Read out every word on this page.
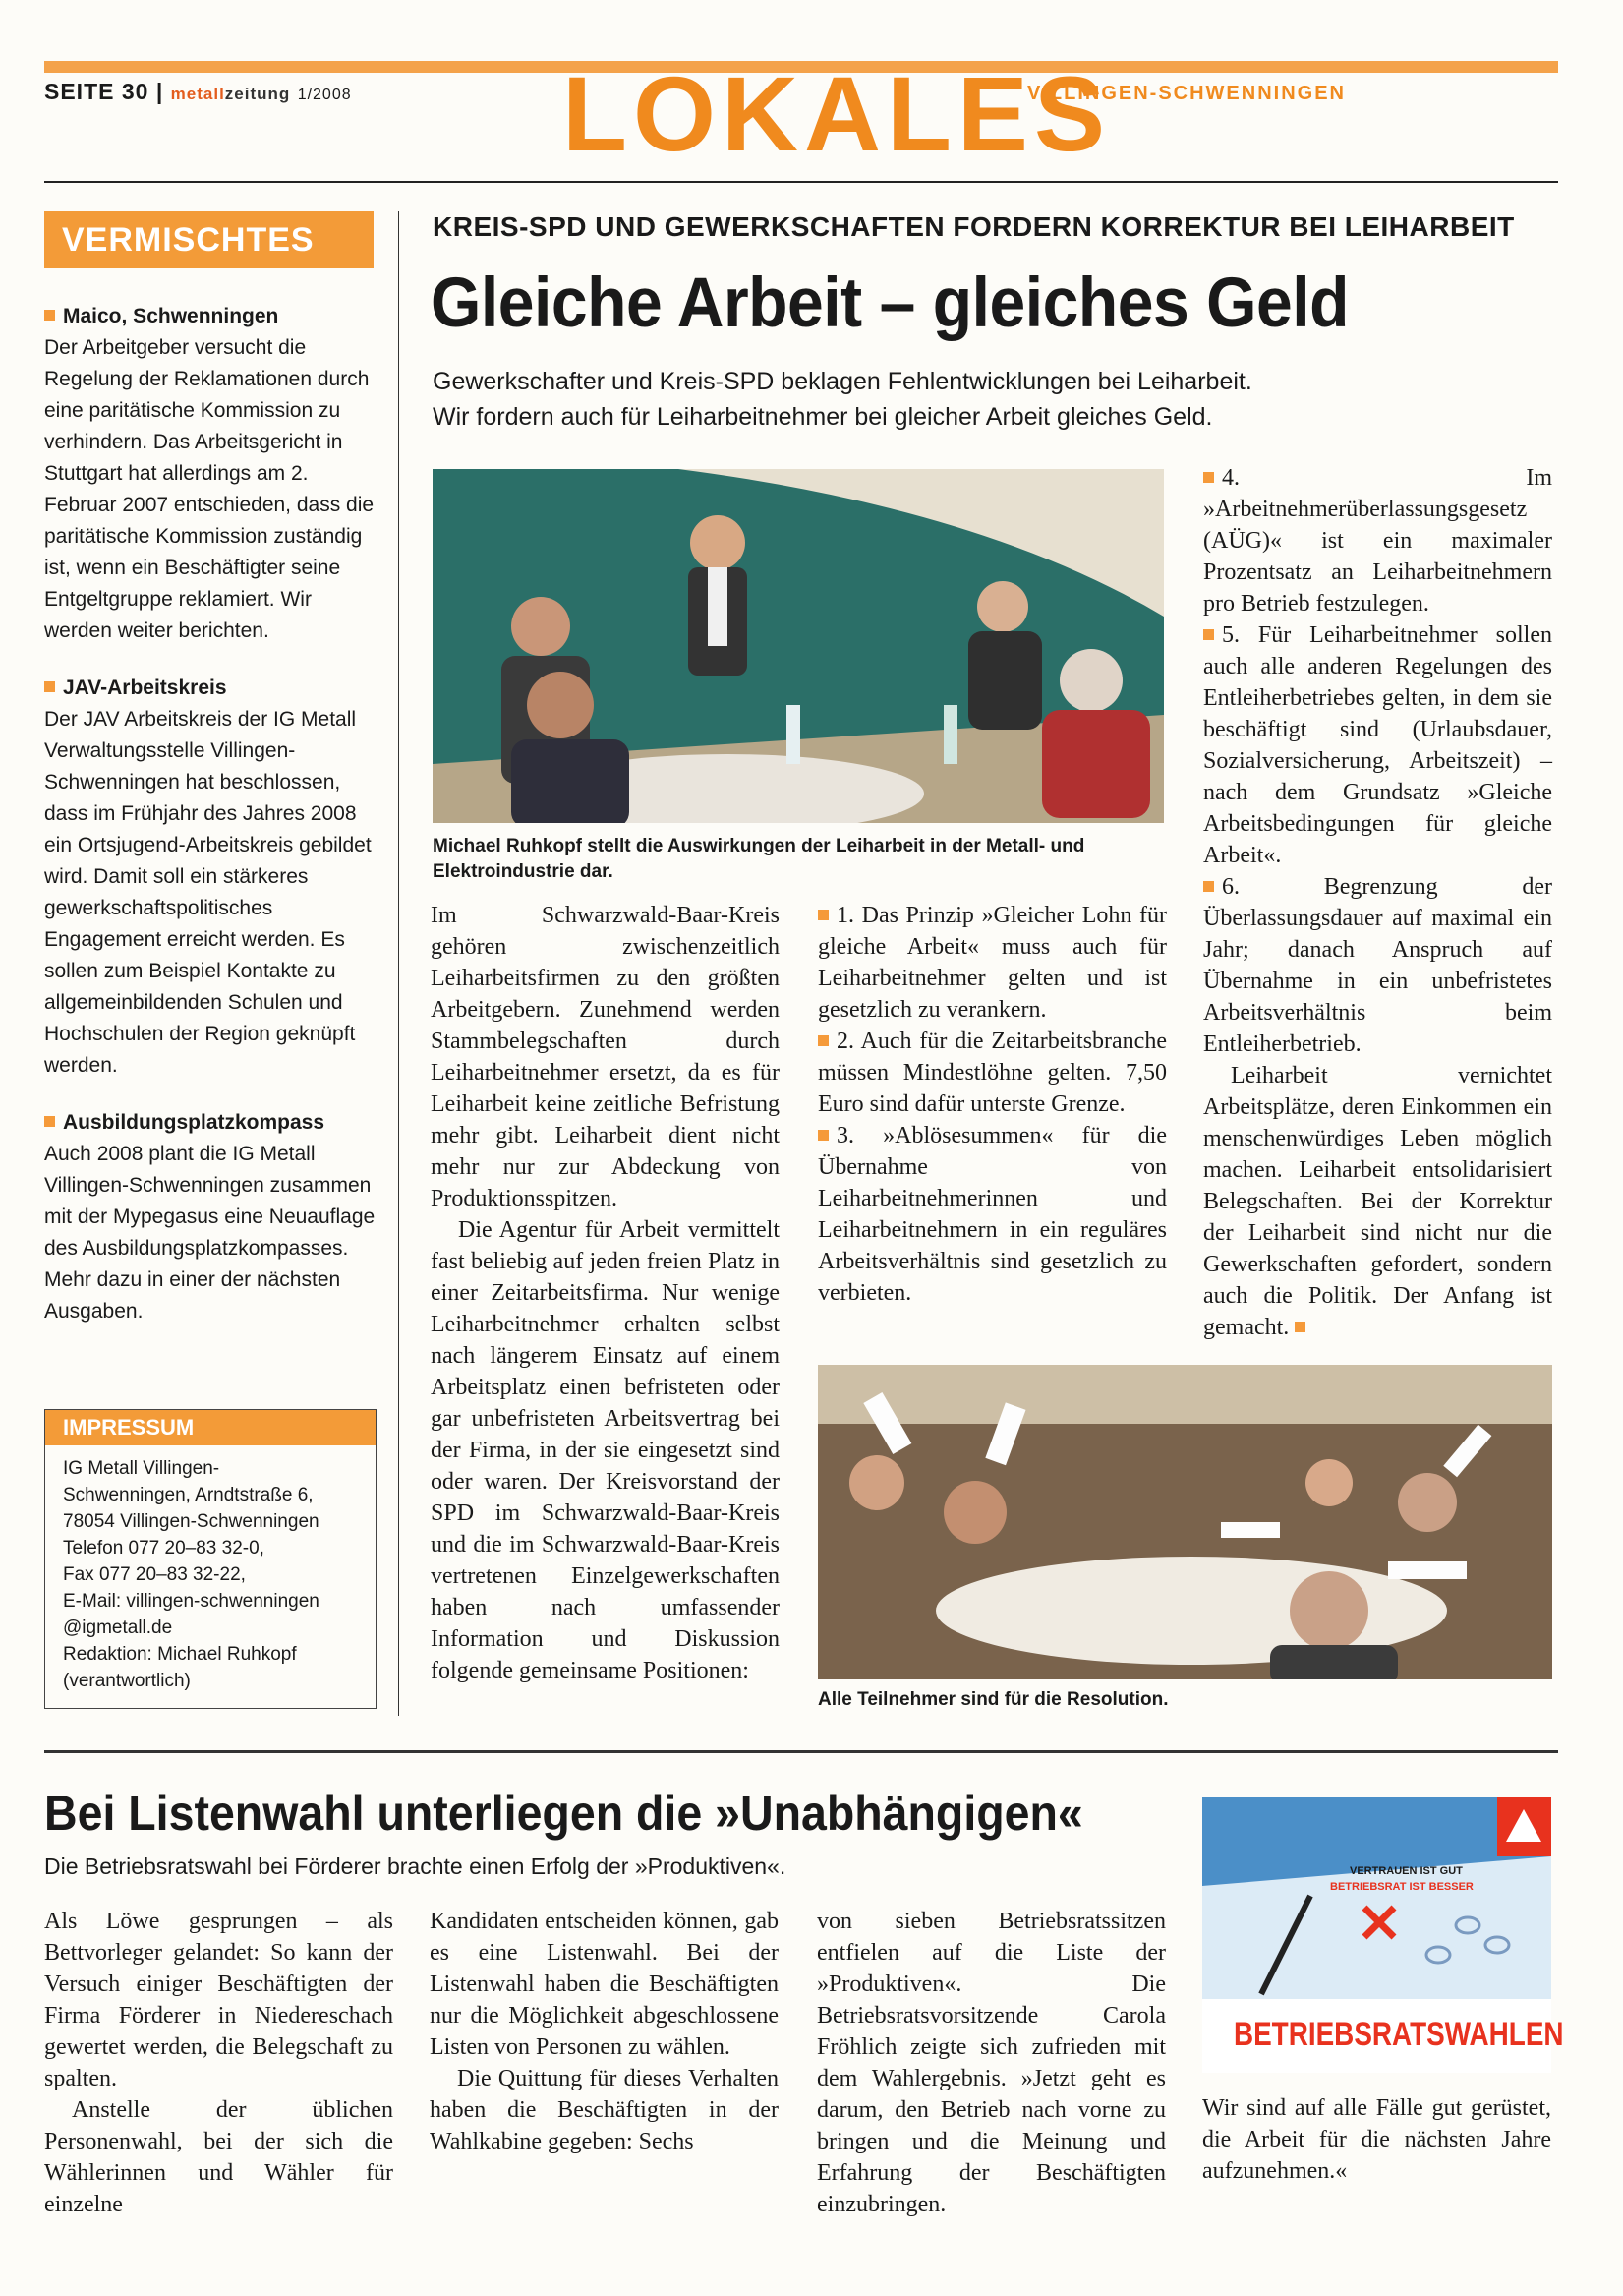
SEITE 30 | metallzeitung 1/2008 LOKALES
VILLINGEN-SCHWENNINGEN
VERMISCHTES
Maico, Schwenningen
Der Arbeitgeber versucht die Regelung der Reklamationen durch eine paritätische Kommission zu verhindern. Das Arbeitsgericht in Stuttgart hat allerdings am 2. Februar 2007 entschieden, dass die paritätische Kommission zuständig ist, wenn ein Beschäftigter seine Entgeltgruppe reklamiert. Wir werden weiter berichten.
JAV-Arbeitskreis
Der JAV Arbeitskreis der IG Metall Verwaltungsstelle Villingen-Schwenningen hat beschlossen, dass im Frühjahr des Jahres 2008 ein Ortsjugend-Arbeitskreis gebildet wird. Damit soll ein stärkeres gewerkschaftspolitisches Engagement erreicht werden. Es sollen zum Beispiel Kontakte zu allgemeinbildenden Schulen und Hochschulen der Region geknüpft werden.
Ausbildungsplatzkompass
Auch 2008 plant die IG Metall Villingen-Schwenningen zusammen mit der Mypegasus eine Neuauflage des Ausbildungsplatzkompasses. Mehr dazu in einer der nächsten Ausgaben.
IMPRESSUM
IG Metall Villingen-
Schwenningen, Arndtstraße 6,
78054 Villingen-Schwenningen
Telefon 077 20–83 32-0,
Fax 077 20–83 32-22,
E-Mail: villingen-schwenningen
@igmetall.de
Redaktion: Michael Ruhkopf
(verantwortlich)
KREIS-SPD UND GEWERKSCHAFTEN FORDERN KORREKTUR BEI LEIHARBEIT
Gleiche Arbeit – gleiches Geld
Gewerkschafter und Kreis-SPD beklagen Fehlentwicklungen bei Leiharbeit.
Wir fordern auch für Leiharbeitnehmer bei gleicher Arbeit gleiches Geld.
Michael Ruhkopf stellt die Auswirkungen der Leiharbeit in der Metall- und Elektroindustrie dar.
Im Schwarzwald-Baar-Kreis gehören zwischenzeitlich Leiharbeitsfirmen zu den größten Arbeitgebern. Zunehmend werden Stammbelegschaften durch Leiharbeitnehmer ersetzt, da es für Leiharbeit keine zeitliche Befristung mehr gibt. Leiharbeit dient nicht mehr nur zur Abdeckung von Produktionsspitzen.
Die Agentur für Arbeit vermittelt fast beliebig auf jeden freien Platz in einer Zeitarbeitsfirma. Nur wenige Leiharbeitnehmer erhalten selbst nach längerem Einsatz auf einem Arbeitsplatz einen befristeten oder gar unbefristeten Arbeitsvertrag bei der Firma, in der sie eingesetzt sind oder waren. Der Kreisvorstand der SPD im Schwarzwald-Baar-Kreis und die im Schwarzwald-Baar-Kreis vertretenen Einzelgewerkschaften haben nach umfassender Information und Diskussion folgende gemeinsame Positionen:
1. Das Prinzip »Gleicher Lohn für gleiche Arbeit« muss auch für Leiharbeitnehmer gelten und ist gesetzlich zu verankern.
2. Auch für die Zeitarbeitsbranche müssen Mindestlöhne gelten. 7,50 Euro sind dafür unterste Grenze.
3. »Ablösesummen« für die Übernahme von Leiharbeitnehmerinnen und Leiharbeitnehmern in ein reguläres Arbeitsverhältnis sind gesetzlich zu verbieten.
4. Im »Arbeitnehmerüberlassungsgesetz (AÜG)« ist ein maximaler Prozentsatz an Leiharbeitnehmern pro Betrieb festzulegen.
5. Für Leiharbeitnehmer sollen auch alle anderen Regelungen des Entleiherbetriebes gelten, in dem sie beschäftigt sind (Urlaubsdauer, Sozialversicherung, Arbeitszeit) – nach dem Grundsatz »Gleiche Arbeitsbedingungen für gleiche Arbeit«.
6. Begrenzung der Überlassungsdauer auf maximal ein Jahr; danach Anspruch auf Übernahme in ein unbefristetes Arbeitsverhältnis beim Entleiherbetrieb.
Leiharbeit vernichtet Arbeitsplätze, deren Einkommen ein menschenwürdiges Leben möglich machen. Leiharbeit entsolidarisiert Belegschaften. Bei der Korrektur der Leiharbeit sind nicht nur die Gewerkschaften gefordert, sondern auch die Politik. Der Anfang ist gemacht.
Alle Teilnehmer sind für die Resolution.
Bei Listenwahl unterliegen die »Unabhängigen«
Die Betriebsratswahl bei Förderer brachte einen Erfolg der »Produktiven«.
Als Löwe gesprungen – als Bettvorleger gelandet: So kann der Versuch einiger Beschäftigten der Firma Förderer in Niedereschach gewertet werden, die Belegschaft zu spalten.
Anstelle der üblichen Personenwahl, bei der sich die Wählerinnen und Wähler für einzelne
Kandidaten entscheiden können, gab es eine Listenwahl. Bei der Listenwahl haben die Beschäftigten nur die Möglichkeit abgeschlossene Listen von Personen zu wählen.
Die Quittung für dieses Verhalten haben die Beschäftigten in der Wahlkabine gegeben: Sechs
von sieben Betriebsratssitzen entfielen auf die Liste der »Produktiven«. Die Betriebsratsvorsitzende Carola Fröhlich zeigte sich zufrieden mit dem Wahlergebnis. »Jetzt geht es darum, den Betrieb nach vorne zu bringen und die Meinung und Erfahrung der Beschäftigten einzubringen.
VERTRAUEN IST GUT
BETRIEBSRAT IST BESSER
BETRIEBSRATSWAHLEN
Wir sind auf alle Fälle gut gerüstet, die Arbeit für die nächsten Jahre aufzunehmen.«
